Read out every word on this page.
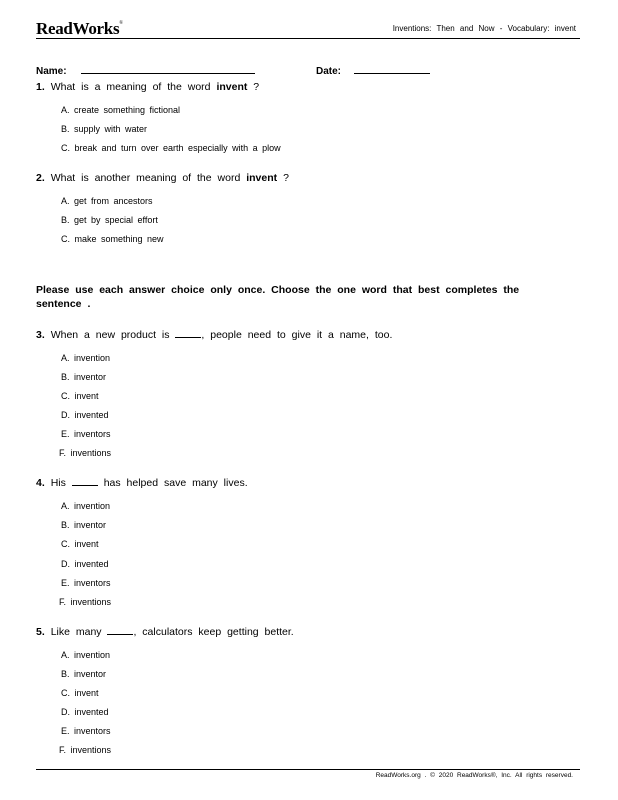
ReadWorks®
Inventions: Then and Now - Vocabulary: invent
Name:	Date:
1. What is a meaning of the word invent ?
A. create something fictional
B. supply with water
C. break and turn over earth especially with a plow
2. What is another meaning of the word invent ?
A. get from ancestors
B. get by special effort
C. make something new
Please use each answer choice only once. Choose the one word that best completes the sentence .
3. When a new product is	, people need to give it a name, too.
A. invention
B. inventor
C. invent
D. invented
E. inventors
F. inventions
4. His	has helped save many lives.
A. invention
B. inventor
C. invent
D. invented
E. inventors
F. inventions
5. Like many	, calculators keep getting better.
A. invention
B. inventor
C. invent
D. invented
E. inventors
F. inventions
ReadWorks.org . © 2020 ReadWorks®, Inc. All rights reserved.
